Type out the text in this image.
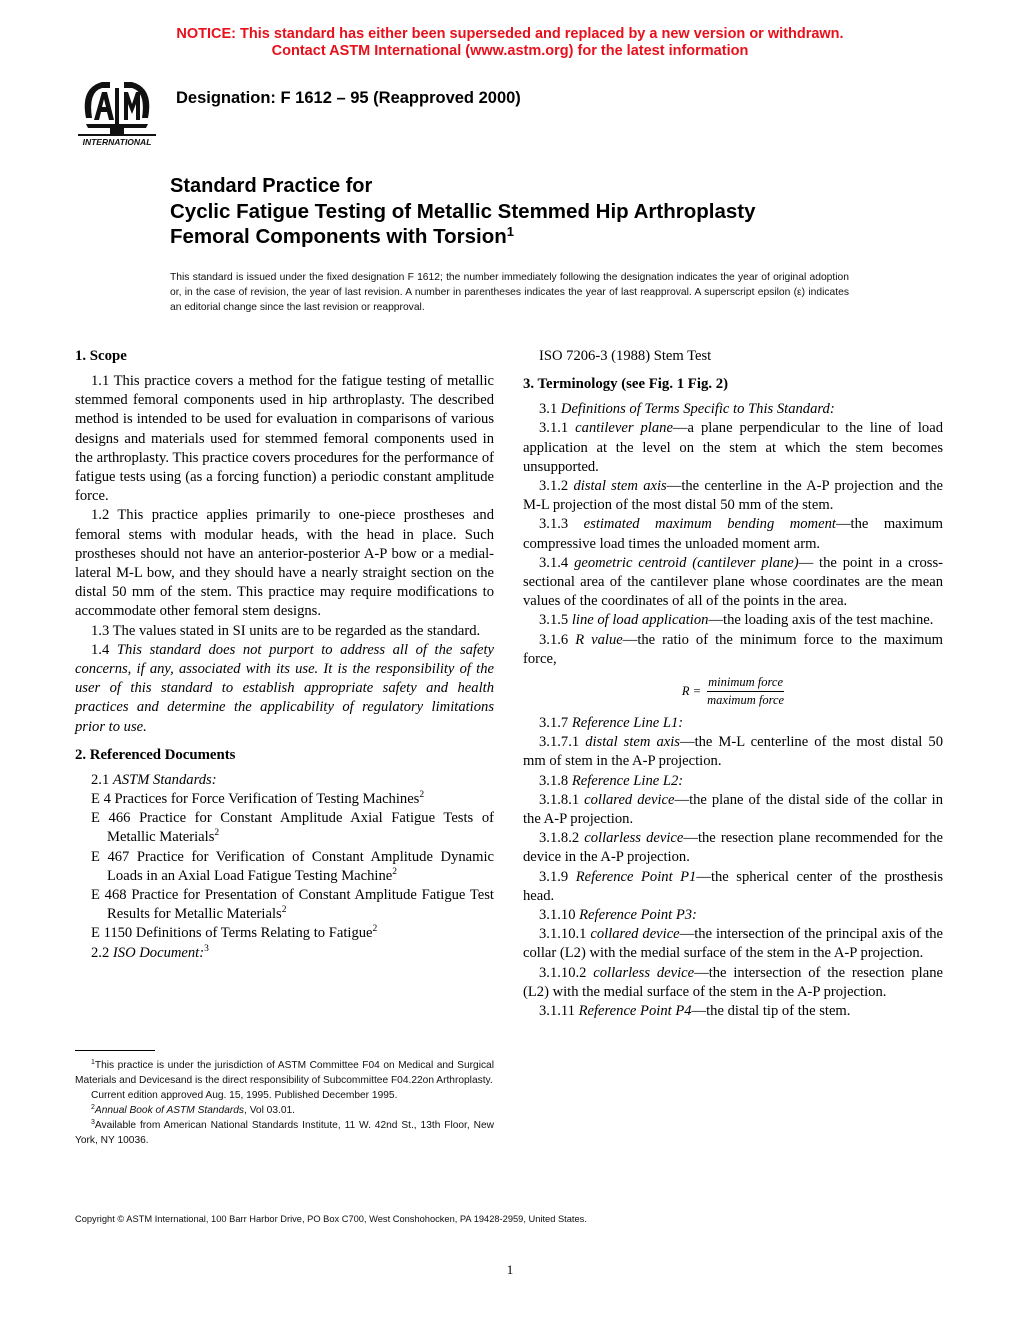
NOTICE: This standard has either been superseded and replaced by a new version or withdrawn.
Contact ASTM International (www.astm.org) for the latest information
INTERNATIONAL
Designation: F 1612 – 95 (Reapproved 2000)
Standard Practice for
Cyclic Fatigue Testing of Metallic Stemmed Hip Arthroplasty
Femoral Components with Torsion$^1$
This standard is issued under the fixed designation F 1612; the number immediately following the designation indicates the year of original adoption or, in the case of revision, the year of last revision. A number in parentheses indicates the year of last reapproval. A superscript epsilon (ε) indicates an editorial change since the last revision or reapproval.
1. Scope

1.1 This practice covers a method for the fatigue testing of metallic stemmed femoral components used in hip arthroplasty. The described method is intended to be used for evaluation in comparisons of various designs and materials used for stemmed femoral components used in the arthroplasty. This practice covers procedures for the performance of fatigue tests using (as a forcing function) a periodic constant amplitude force.

1.2 This practice applies primarily to one-piece prostheses and femoral stems with modular heads, with the head in place. Such prostheses should not have an anterior-posterior A-P bow or a medial-lateral M-L bow, and they should have a nearly straight section on the distal 50 mm of the stem. This practice may require modifications to accommodate other femoral stem designs.

1.3 The values stated in SI units are to be regarded as the standard.

1.4 This standard does not purport to address all of the safety concerns, if any, associated with its use. It is the responsibility of the user of this standard to establish appropriate safety and health practices and determine the applicability of regulatory limitations prior to use.

2. Referenced Documents

2.1 ASTM Standards:

E 4 Practices for Force Verification of Testing Machines$^2$

E 466 Practice for Constant Amplitude Axial Fatigue Tests of Metallic Materials$^2$

E 467 Practice for Verification of Constant Amplitude Dynamic Loads in an Axial Load Fatigue Testing Machine$^2$

E 468 Practice for Presentation of Constant Amplitude Fatigue Test Results for Metallic Materials$^2$

E 1150 Definitions of Terms Relating to Fatigue$^2$

2.2 ISO Document:$^3$

ISO 7206-3 (1988) Stem Test

3. Terminology (see Fig. 1 Fig. 2)

3.1 Definitions of Terms Specific to This Standard:

3.1.1 cantilever plane—a plane perpendicular to the line of load application at the level on the stem at which the stem becomes unsupported.

3.1.2 distal stem axis—the centerline in the A-P projection and the M-L projection of the most distal 50 mm of the stem.

3.1.3 estimated maximum bending moment—the maximum compressive load times the unloaded moment arm.

3.1.4 geometric centroid (cantilever plane)— the point in a cross-sectional area of the cantilever plane whose coordinates are the mean values of the coordinates of all of the points in the area.

3.1.5 line of load application—the loading axis of the test machine.

3.1.6 R value—the ratio of the minimum force to the maximum force,

$R = \frac{\text{minimum force}}{\text{maximum force}}$

3.1.7 Reference Line L1:

3.1.7.1 distal stem axis—the M-L centerline of the most distal 50 mm of stem in the A-P projection.

3.1.8 Reference Line L2:

3.1.8.1 collared device—the plane of the distal side of the collar in the A-P projection.

3.1.8.2 collarless device—the resection plane recommended for the device in the A-P projection.

3.1.9 Reference Point P1—the spherical center of the prosthesis head.

3.1.10 Reference Point P3:

3.1.10.1 collared device—the intersection of the principal axis of the collar (L2) with the medial surface of the stem in the A-P projection.

3.1.10.2 collarless device—the intersection of the resection plane (L2) with the medial surface of the stem in the A-P projection.

3.1.11 Reference Point P4—the distal tip of the stem.

$^1$This practice is under the jurisdiction of ASTM Committee F04 on Medical and Surgical Materials and Devicesand is the direct responsibility of Subcommittee F04.22on Arthroplasty.

Current edition approved Aug. 15, 1995. Published December 1995.

$^2$Annual Book of ASTM Standards, Vol 03.01.

$^3$Available from American National Standards Institute, 11 W. 42nd St., 13th Floor, New York, NY 10036.

Copyright © ASTM International, 100 Barr Harbor Drive, PO Box C700, West Conshohocken, PA 19428-2959, United States.
1
